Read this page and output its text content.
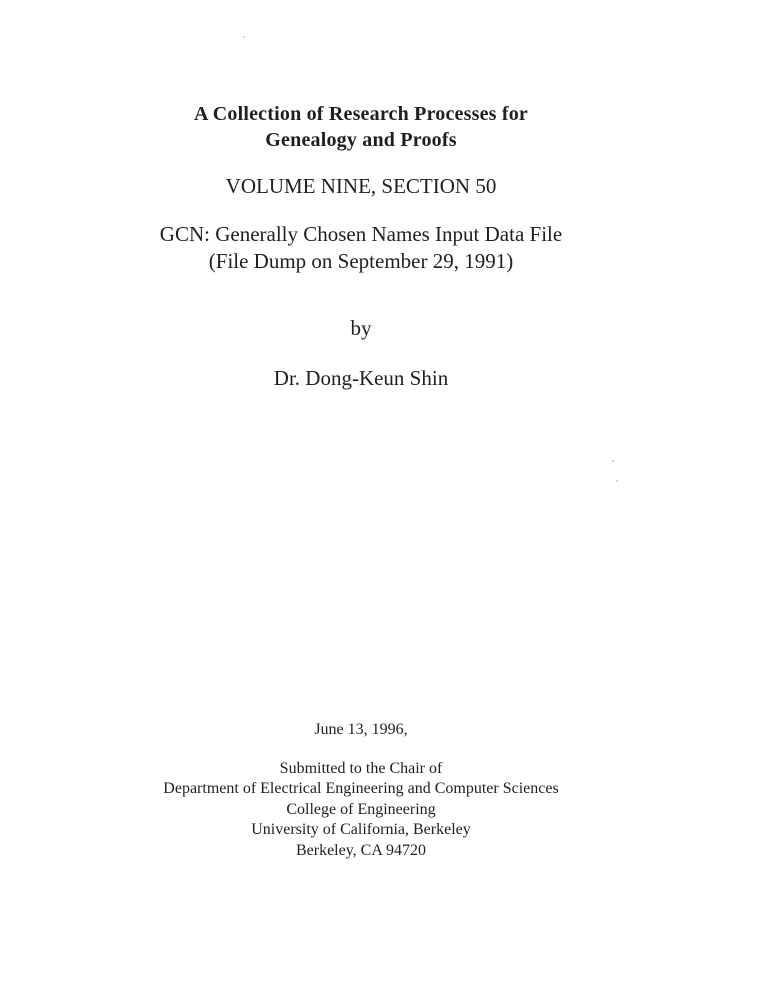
A Collection of Research Processes for
Genealogy and Proofs
VOLUME NINE, SECTION 50
GCN: Generally Chosen Names Input Data File
(File Dump on September 29, 1991)
by
Dr. Dong-Keun Shin
June 13, 1996,
Submitted to the Chair of
Department of Electrical Engineering and Computer Sciences
College of Engineering
University of California, Berkeley
Berkeley, CA 94720
